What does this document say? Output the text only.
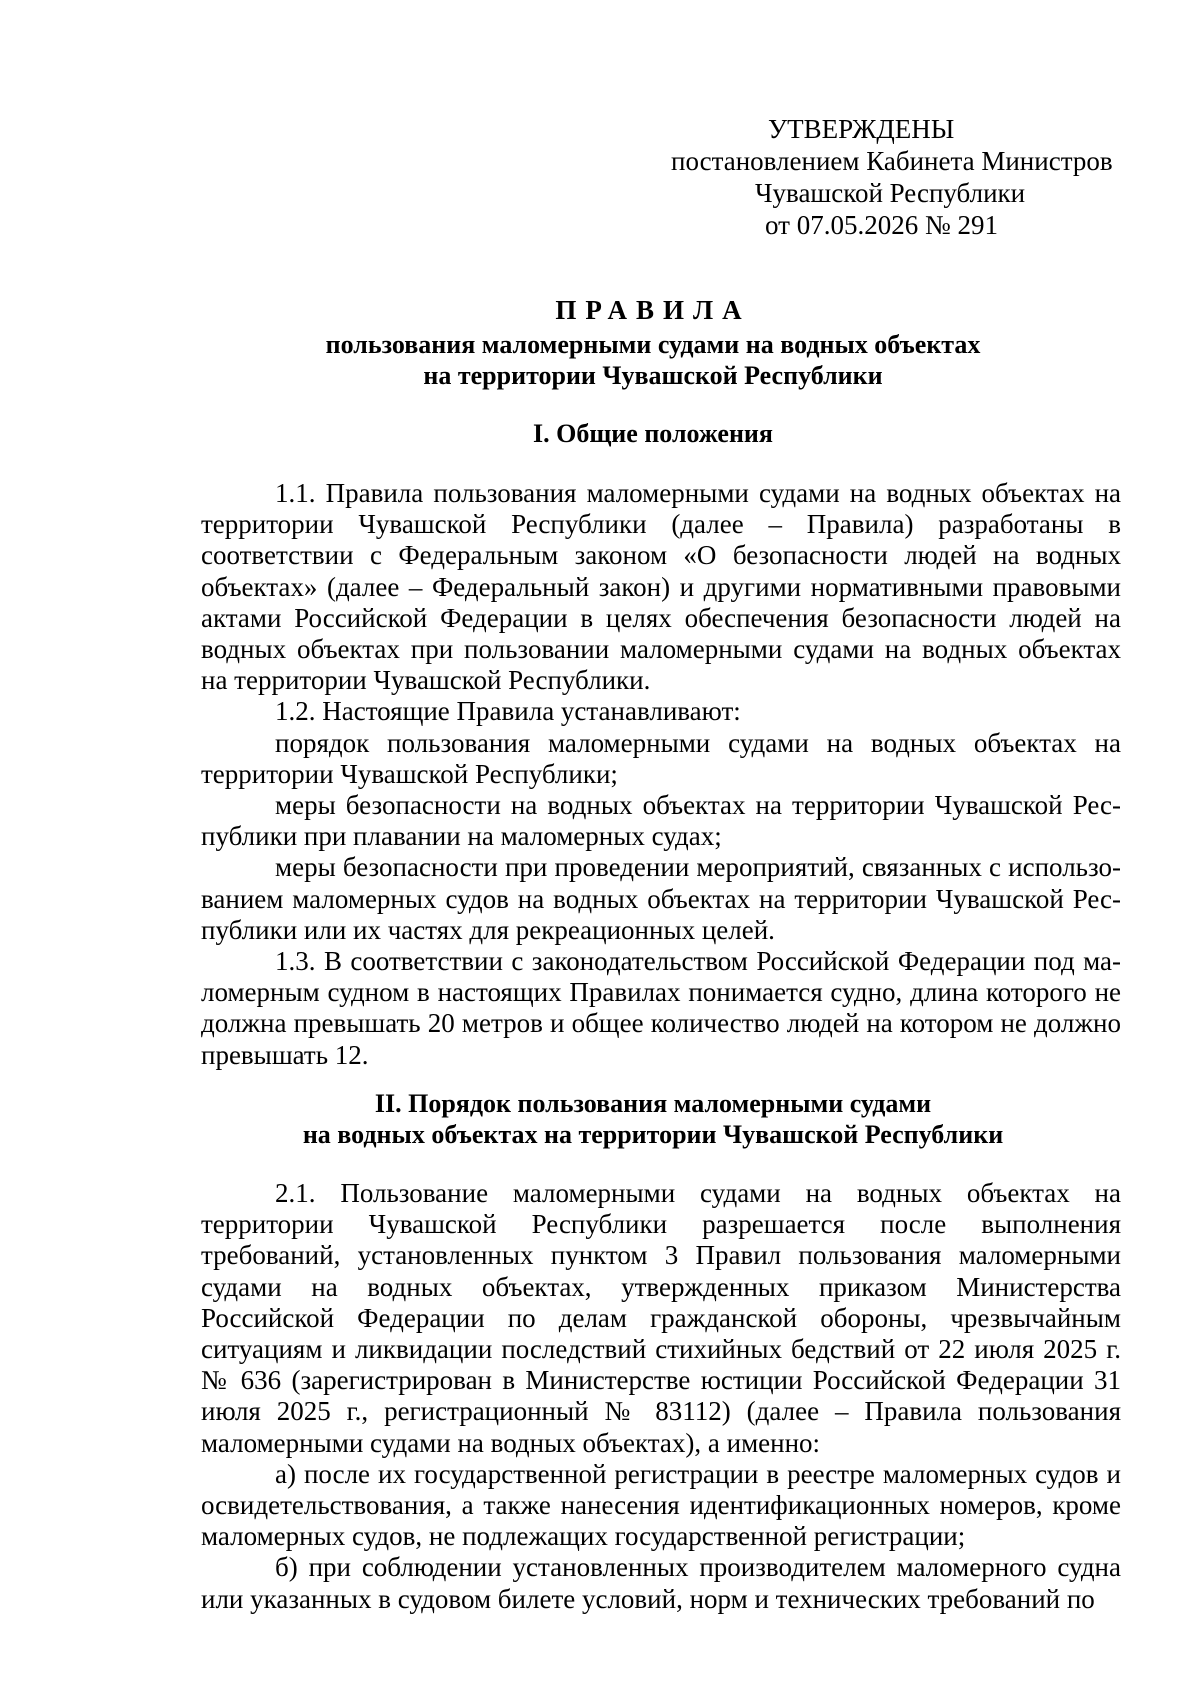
УТВЕРЖДЕНЫ
постановлением Кабинета Министров
Чувашской Республики
от 07.05.2026 № 291
ПРАВИЛА
пользования маломерными судами на водных объектах
на территории Чувашской Республики
I. Общие положения

1.1. Правила пользования маломерными судами на водных объектах на территории Чувашской Республики (далее – Правила) разработаны в соответствии с Федеральным законом «О безопасности людей на водных объектах» (далее – Федеральный закон) и другими нормативными правовыми актами Российской Федерации в целях обеспечения безопасности людей на водных объектах при пользовании маломерными судами на водных объектах на территории Чувашской Республики.

1.2. Настоящие Правила устанавливают:

порядок пользования маломерными судами на водных объектах на территории Чувашской Республики;

меры безопасности на водных объектах на территории Чувашской Республики при плавании на маломерных судах;

меры безопасности при проведении мероприятий, связанных с использованием маломерных судов на водных объектах на территории Чувашской Республики или их частях для рекреационных целей.

1.3. В соответствии с законодательством Российской Федерации под маломерным судном в настоящих Правилах понимается судно, длина которого не должна превышать 20 метров и общее количество людей на котором не должно превышать 12.

II. Порядок пользования маломерными судами
на водных объектах на территории Чувашской Республики

2.1. Пользование маломерными судами на водных объектах на территории Чувашской Республики разрешается после выполнения требований, установленных пунктом 3 Правил пользования маломерными судами на водных объектах, утвержденных приказом Министерства Российской Федерации по делам гражданской обороны, чрезвычайным ситуациям и ликвидации последствий стихийных бедствий от 22 июля 2025 г. № 636 (зарегистрирован в Министерстве юстиции Российской Федерации 31 июля 2025 г., регистрационный № 83112) (далее – Правила пользования маломерными судами на водных объектах), а именно:

а) после их государственной регистрации в реестре маломерных судов и освидетельствования, а также нанесения идентификационных номеров, кроме маломерных судов, не подлежащих государственной регистрации;

б) при соблюдении установленных производителем маломерного судна или указанных в судовом билете условий, норм и технических требований по
